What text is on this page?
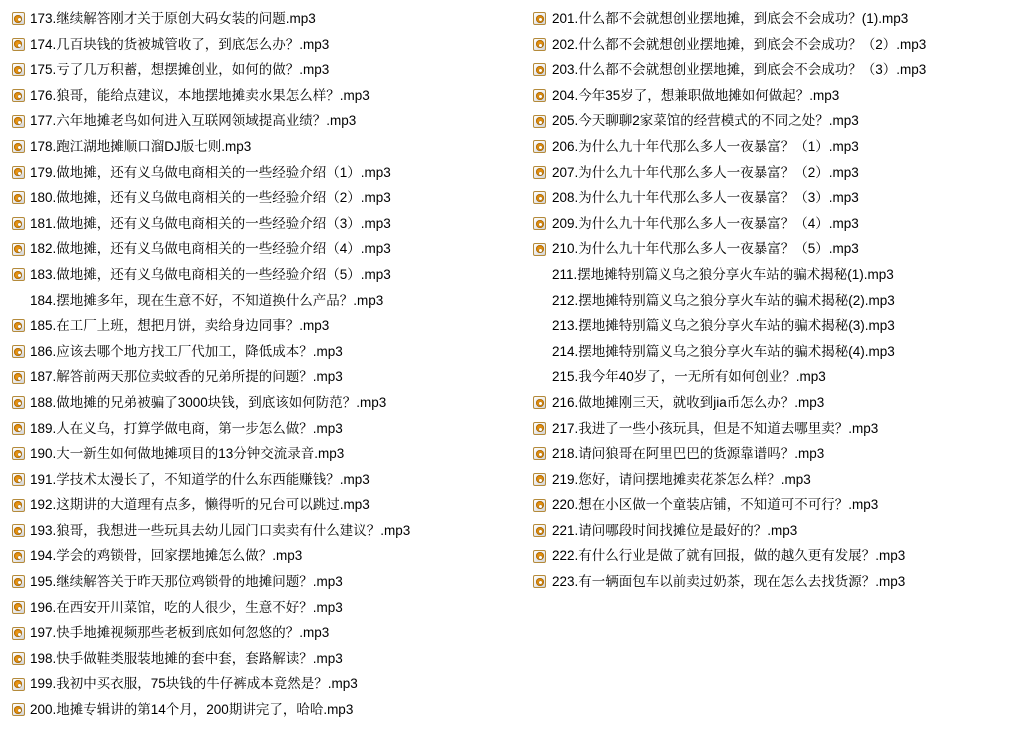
173.继续解答刚才关于原创大码女装的问题.mp3
174.几百块钱的货被城管收了，到底怎么办？.mp3
175.亏了几万积蓄，想摆摊创业，如何的做？.mp3
176.狼哥，能给点建议，本地摆地摊卖水果怎么样？.mp3
177.六年地摊老鸟如何进入互联网领域提高业绩？.mp3
178.跑江湖地摊顺口溜DJ版七则.mp3
179.做地摊，还有义乌做电商相关的一些经验介绍（1）.mp3
180.做地摊，还有义乌做电商相关的一些经验介绍（2）.mp3
181.做地摊，还有义乌做电商相关的一些经验介绍（3）.mp3
182.做地摊，还有义乌做电商相关的一些经验介绍（4）.mp3
183.做地摊，还有义乌做电商相关的一些经验介绍（5）.mp3
184.摆地摊多年，现在生意不好，不知道换什么产品？.mp3
185.在工厂上班，想把月饼，卖给身边同事？.mp3
186.应该去哪个地方找工厂代加工，降低成本？.mp3
187.解答前两天那位卖蚊香的兄弟所提的问题？.mp3
188.做地摊的兄弟被骗了3000块钱，到底该如何防范？.mp3
189.人在义乌，打算学做电商，第一步怎么做？.mp3
190.大一新生如何做地摊项目的13分钟交流录音.mp3
191.学技术太漫长了，不知道学的什么东西能赚钱？.mp3
192.这期讲的大道理有点多，懒得听的兄台可以跳过.mp3
193.狼哥，我想进一些玩具去幼儿园门口卖卖有什么建议？.mp3
194.学会的鸡锁骨，回家摆地摊怎么做？.mp3
195.继续解答关于昨天那位鸡锁骨的地摊问题？.mp3
196.在西安开川菜馆，吃的人很少，生意不好？.mp3
197.快手地摊视频那些老板到底如何忽悠的？.mp3
198.快手做鞋类服装地摊的套中套，套路解读？.mp3
199.我初中买衣服，75块钱的牛仔裤成本竟然是？.mp3
200.地摊专辑讲的第14个月，200期讲完了，哈哈.mp3
201.什么都不会就想创业摆地摊，到底会不会成功？(1).mp3
202.什么都不会就想创业摆地摊，到底会不会成功？（2）.mp3
203.什么都不会就想创业摆地摊，到底会不会成功？（3）.mp3
204.今年35岁了，想兼职做地摊如何做起？.mp3
205.今天聊聊2家菜馆的经营模式的不同之处？.mp3
206.为什么九十年代那么多人一夜暴富？（1）.mp3
207.为什么九十年代那么多人一夜暴富？（2）.mp3
208.为什么九十年代那么多人一夜暴富？（3）.mp3
209.为什么九十年代那么多人一夜暴富？（4）.mp3
210.为什么九十年代那么多人一夜暴富？（5）.mp3
211.摆地摊特别篇义乌之狼分享火车站的骗术揭秘(1).mp3
212.摆地摊特别篇义乌之狼分享火车站的骗术揭秘(2).mp3
213.摆地摊特别篇义乌之狼分享火车站的骗术揭秘(3).mp3
214.摆地摊特别篇义乌之狼分享火车站的骗术揭秘(4).mp3
215.我今年40岁了，一无所有如何创业？.mp3
216.做地摊刚三天，就收到jia币怎么办？.mp3
217.我进了一些小孩玩具，但是不知道去哪里卖？.mp3
218.请问狼哥在阿里巴巴的货源靠谱吗？.mp3
219.您好，请问摆地摊卖花茶怎么样？.mp3
220.想在小区做一个童装店铺，不知道可不可行？.mp3
221.请问哪段时间找摊位是最好的？.mp3
222.有什么行业是做了就有回报，做的越久更有发展？.mp3
223.有一辆面包车以前卖过奶茶，现在怎么去找货源？.mp3
